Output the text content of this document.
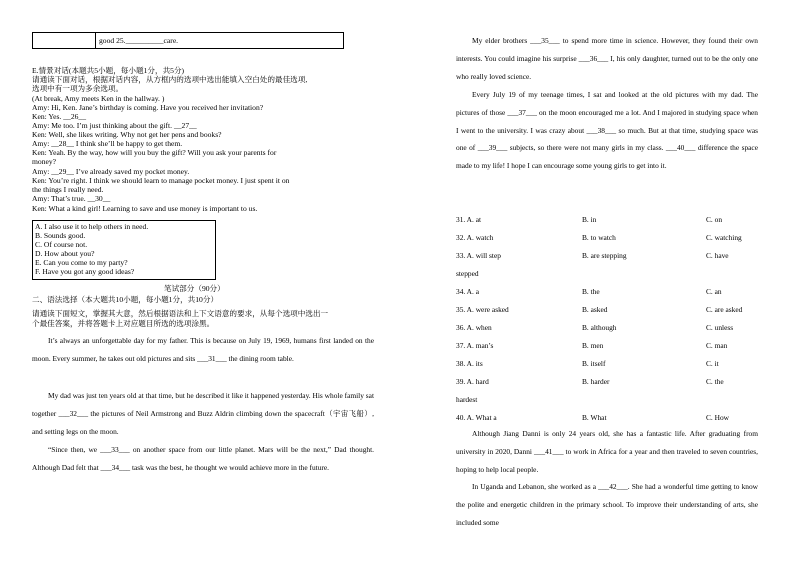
good 25.__________care.
E.情景对话(本题共5小题，每小题1分，共5分)
请通读下面对话，根据对话内容，从方框内的选项中选出能填入空白处的最佳选项,
选项中有一项为多余选项。
(At break, Amy meets Ken in the hallway. )
Amy: Hi, Ken. Jane’s birthday is coming. Have you received her invitation?
Ken: Yes. __26__
Amy: Me too. I’m just thinking about the gift. __27__
Ken: Well, she likes writing. Why not get her pens and books?
Amy: __28__ I think she’ll be happy to get them.
Ken: Yeah. By the way, how will you buy the gift? Will you ask your parents for
money?
Amy: __29__ I’ve already saved my pocket money.
Ken: You’re right. I think we should learn to manage pocket money. I just spent it on
the things I really need.
Amy: That’s true. __30__
Ken: What a kind girl! Learning to save and use money is important to us.
A. I also use it to help others in need.
B. Sounds good.
C. Of course not.
D. How about you?
E. Can you come to my party?
F. Have you got any good ideas?
笔试部分（90分）
二、语法选择（本大题共10小题，每小题1分，共10分）
请通读下面短文，掌握其大意，然后根据语法和上下文语意的要求，从每个选项中选出一
个最佳答案，并将答题卡上对应题目所选的选项涂黑。
It’s always an unforgettable day for my father. This is because on July 19, 1969, humans first landed on the moon. Every summer, he takes out old pictures and sits ___31___ the dining room table.
My dad was just ten years old at that time, but he described it like it happened yesterday. His whole family sat together ___32___ the pictures of Neil Armstrong and Buzz Aldrin climbing down the spacecraft（宇宙飞船）, and setting legs on the moon.
“Since then, we ___33___ on another space from our little planet. Mars will be the next,” Dad thought. Although Dad felt that ___34___ task was the best, he thought we would achieve more in the future.
My elder brothers ___35___ to spend more time in science. However, they found their own interests. You could imagine his surprise ___36___ I, his only daughter, turned out to be the only one who really loved science.
Every July 19 of my teenage times, I sat and looked at the old pictures with my dad. The pictures of those ___37___ on the moon encouraged me a lot. And I majored in studying space when I went to the university. I was crazy about ___38___ so much. But at that time, studying space was one of ___39___ subjects, so there were not many girls in my class. ___40___ difference the space made to my life! I hope I can encourage some young girls to get into it.
31. A. at	B. in	C. on
32. A. watch	B. to watch	C. watching
33. A. will step	B. are stepping	C. have
stepped
34. A. a	B. the	C. an
35. A. were asked	B. asked	C. are asked
36. A. when	B. although	C. unless
37. A. man’s	B. men	C. man
38. A. its	B. itself	C. it
39. A. hard	B. harder	C. the
hardest
40. A. What a	B. What	C. How
Although Jiang Danni is only 24 years old, she has a fantastic life. After graduating from university in 2020, Danni ___41___ to work in Africa for a year and then traveled to seven countries, hoping to help local people.
In Uganda and Lebanon, she worked as a ___42___. She had a wonderful time getting to know the polite and energetic children in the primary school. To improve their understanding of arts, she included some
